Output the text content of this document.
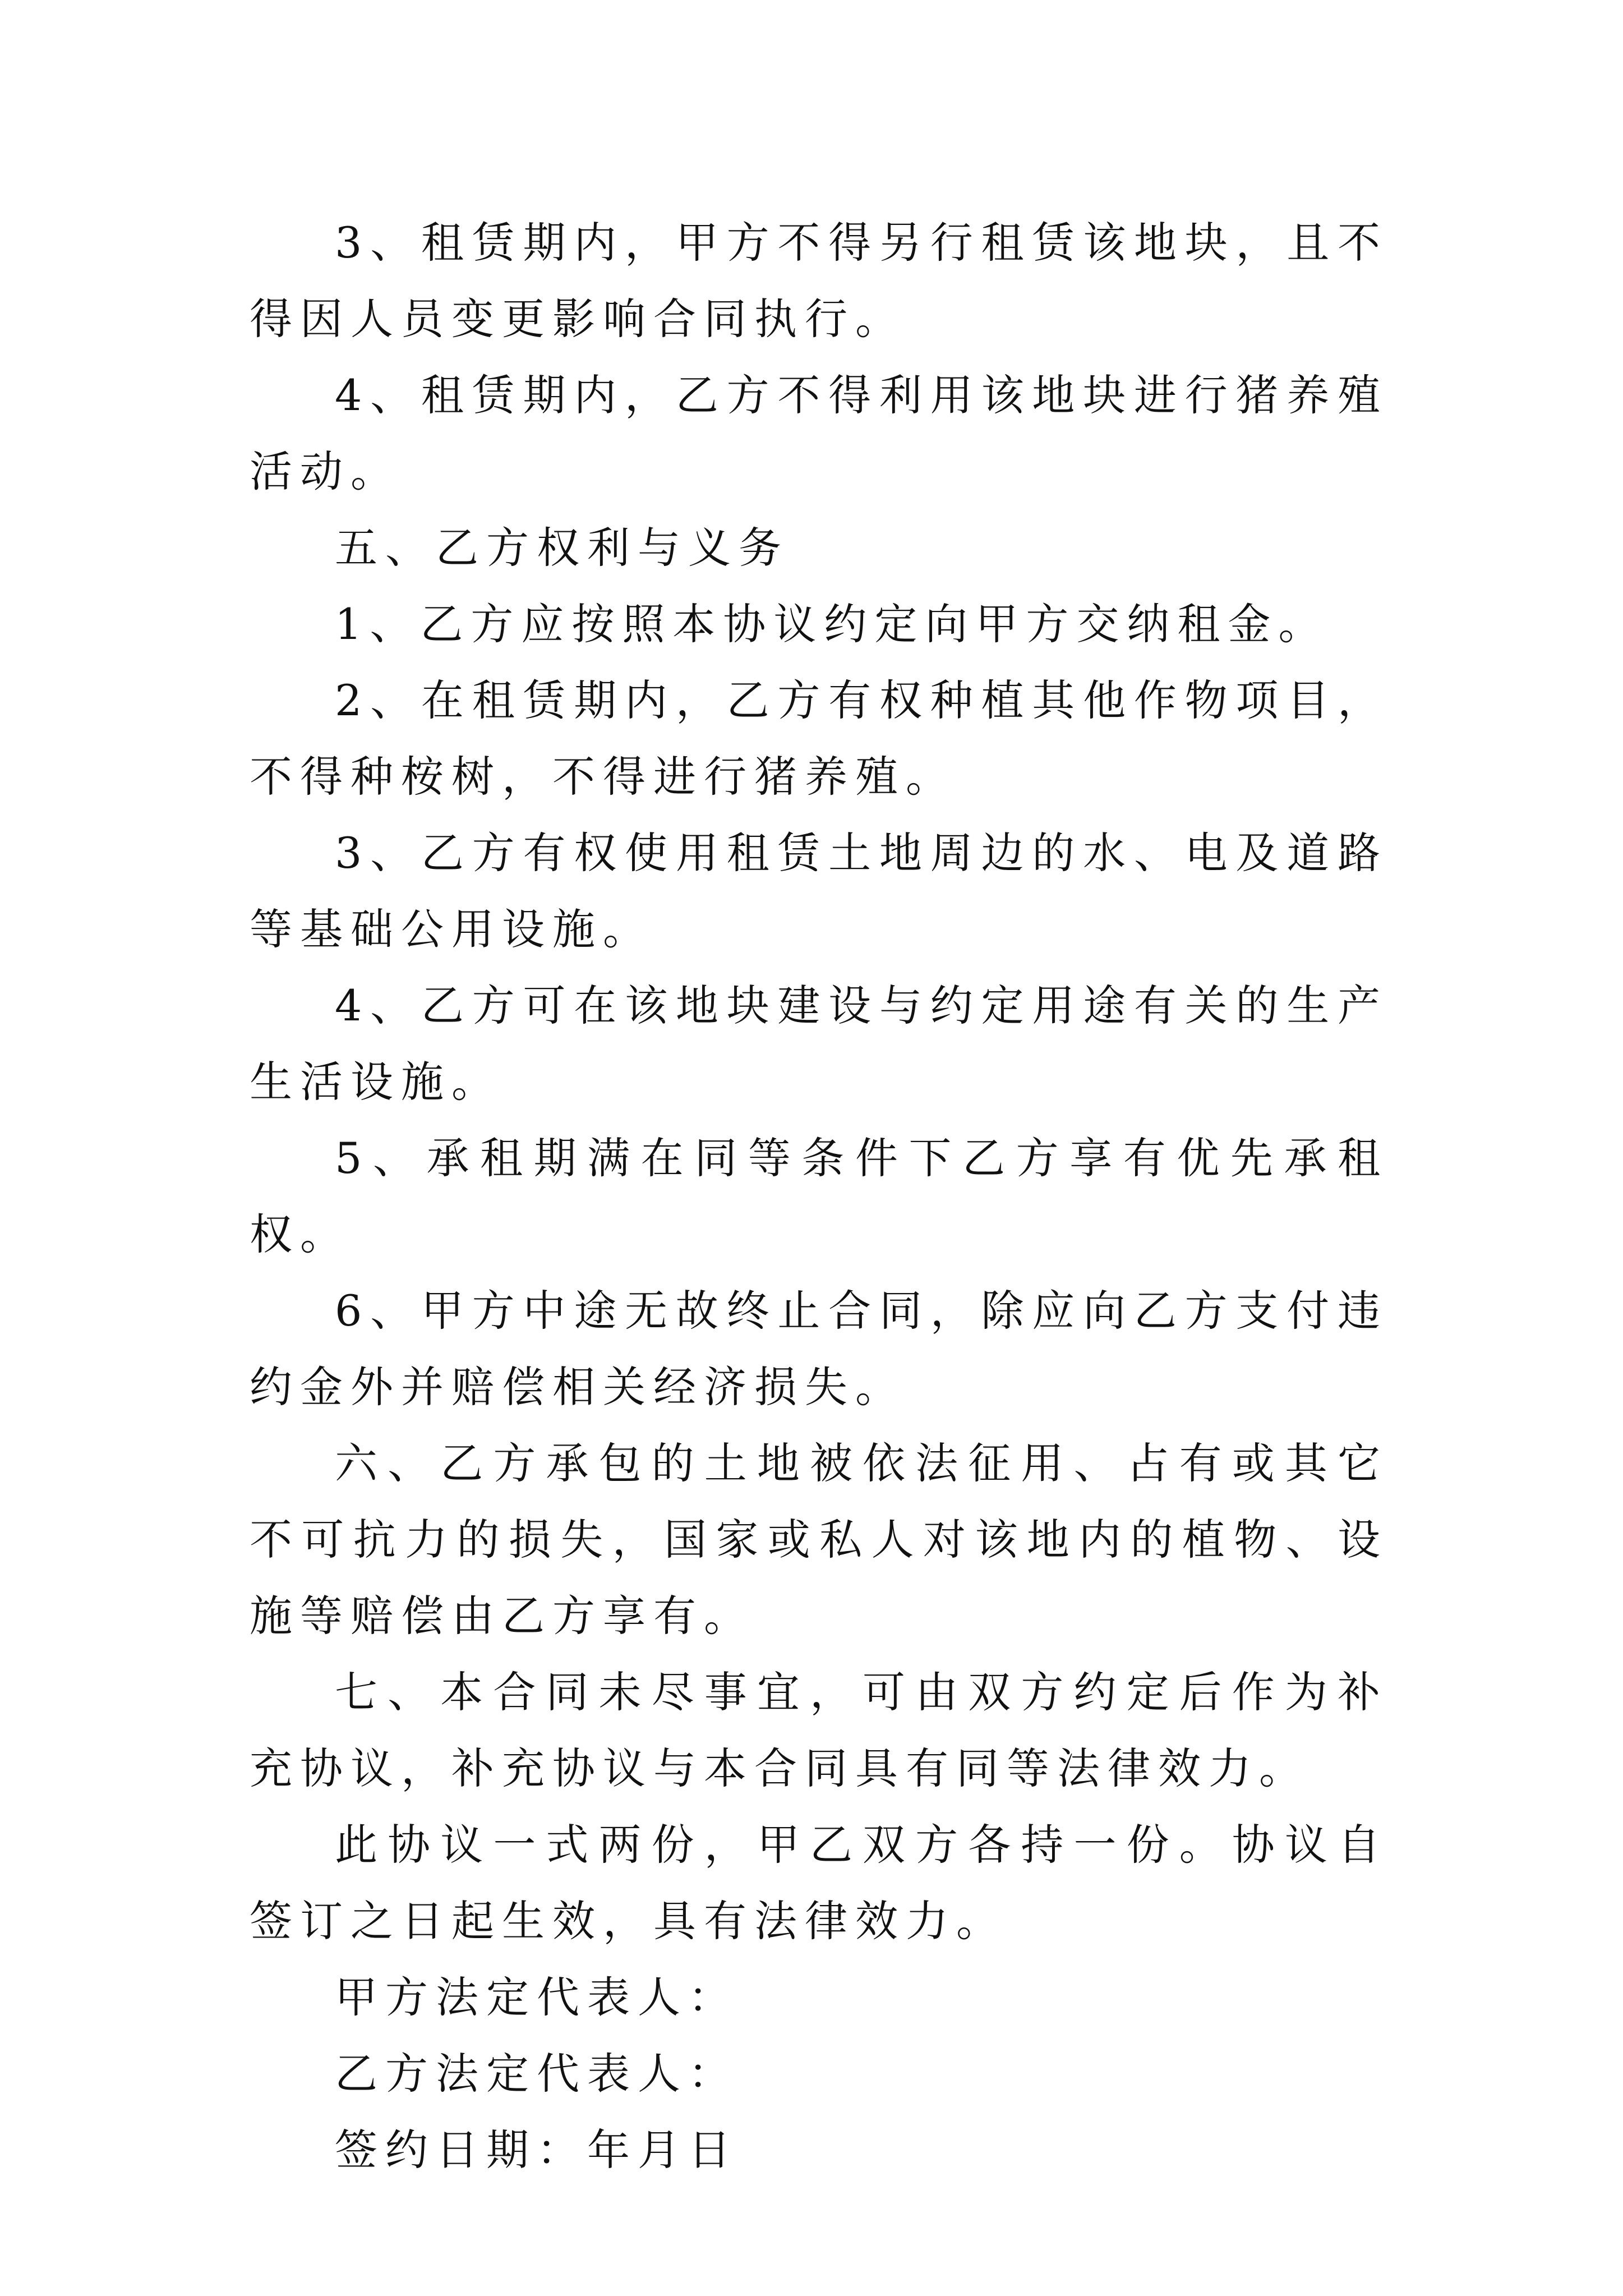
3、租赁期内，甲方不得另行租赁该地块，且不得因人员变更影响合同执行。

4、租赁期内，乙方不得利用该地块进行猪养殖活动。

五、乙方权利与义务

1、乙方应按照本协议约定向甲方交纳租金。

2、在租赁期内，乙方有权种植其他作物项目，不得种桉树，不得进行猪养殖。

3、乙方有权使用租赁土地周边的水、电及道路等基础公用设施。

4、乙方可在该地块建设与约定用途有关的生产生活设施。

5、承租期满在同等条件下乙方享有优先承租权。

6、甲方中途无故终止合同，除应向乙方支付违约金外并赔偿相关经济损失。

六、乙方承包的土地被依法征用、占有或其它不可抗力的损失，国家或私人对该地内的植物、设施等赔偿由乙方享有。

七、本合同未尽事宜，可由双方约定后作为补充协议，补充协议与本合同具有同等法律效力。

此协议一式两份，甲乙双方各持一份。协议自签订之日起生效，具有法律效力。

甲方法定代表人：

乙方法定代表人：

签约日期：年月日
